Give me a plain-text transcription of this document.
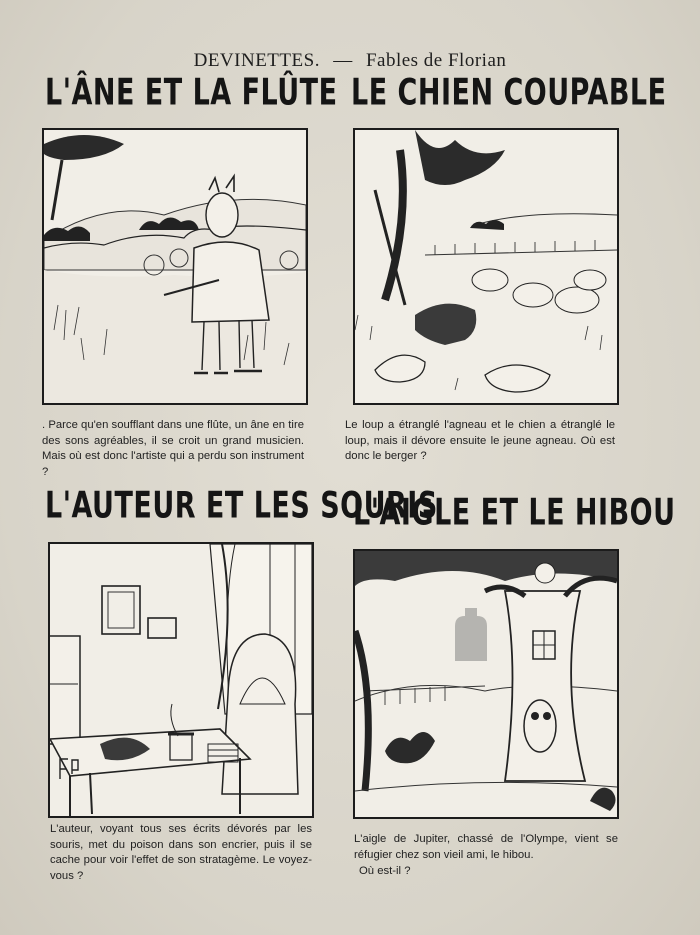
DEVINETTES. — Fables de Florian
L'ÂNE ET LA FLÛTE
. Parce qu'en soufflant dans une flûte, un âne en tire des sons agréables, il se croit un grand musicien. Mais où est donc l'artiste qui a perdu son instrument ?
LE CHIEN COUPABLE
Le loup a étranglé l'agneau et le chien a étranglé le loup, mais il dévore ensuite le jeune agneau. Où est donc le berger ?
L'AUTEUR ET LES SOURIS
L'auteur, voyant tous ses écrits dévorés par les souris, met du poison dans son encrier, puis il se cache pour voir l'effet de son stratagème. Le voyez-vous ?
L'AIGLE ET LE HIBOU
L'aigle de Jupiter, chassé de l'Olympe, vient se réfugier chez son vieil ami, le hibou.
Où est-il ?
